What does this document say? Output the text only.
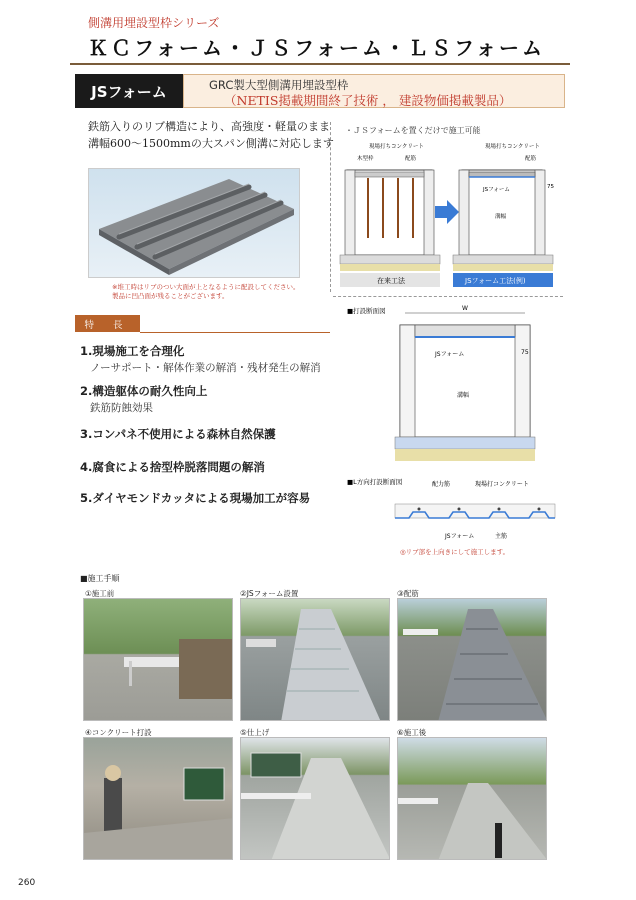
側溝用埋設型枠シリーズ
ＫＣフォーム・ＪＳフォーム・ＬＳフォーム
JSフォーム	GRC製大型側溝用埋設型枠
（NETIS掲載期間終了技術 ， 建設物価掲載製品）
鉄筋入りのリブ構造により、高強度・軽量のまま
溝幅600～1500mmの大スパン側溝に対応します
※堆工時はリブのつい大面が上となるように配設してください。
製品に凹凸面が残ることがございます。
・ＪＳフォームを置くだけで施工可能
現場打ちコンクリート
木型枠	配筋
現場打ちコンクリート
配筋
JSフォーム	75
溝幅
在来工法	JSフォーム工法(例)
■打設断面図	W
JSフォーム	75
溝幅
■L方向打設断面図	配力筋	現場打コンクリート
JSフォーム	主筋
◎リブ部を上向きにして施工します。
特 長
1.現場施工を合理化
ノーサポート・解体作業の解消・残材発生の解消
2.構造躯体の耐久性向上
鉄筋防蝕効果
3.コンパネ不使用による森林自然保護
4.腐食による捨型枠脱落問題の解消
5.ダイヤモンドカッタによる現場加工が容易
■施工手順
①施工前	②JSフォーム設置	③配筋
④コンクリート打設	⑤仕上げ	⑥施工後
260
